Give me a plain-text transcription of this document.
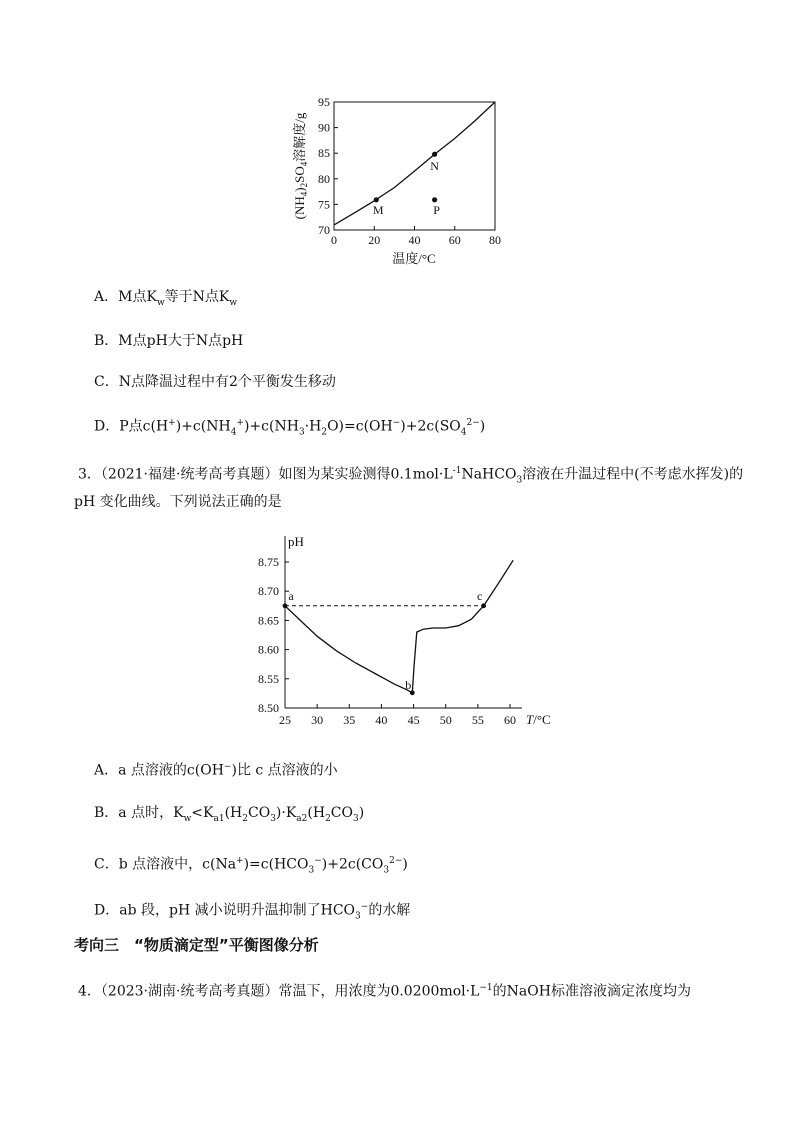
0	20 40 60 80
70
75
80
85
90
95
M
N
P
温度/°C
$(NH_4)_2SO_4$溶解度/g
A．M点$K_w$等于N点$K_w$
B．M点pH大于N点pH
C．N点降温过程中有2个平衡发生移动
D．P点$c(H^+)+c(NH_4^+)+c(NH_3\cdot H_2O)=c(OH^-)+2c(SO_4^{2-})$
3．（2021·福建·统考高考真题）如图为某实验测得$0.1mol\cdot L^{-1}NaHCO_3$溶液在升温过程中(不考虑水挥发)的
pH 变化曲线。下列说法正确的是
25 30 35 40 45 50 55 60
8.50
8.55
8.60
8.65
8.70
8.75
a
b
c
pH
T/°C
A．a 点溶液的c(OH−)比 c 点溶液的小
B．a 点时，$K_w<K_{a1}(H_2CO_3)\cdot K_{a2}(H_2CO_3)$
C．b 点溶液中，$c(Na^+)=c(HCO_3^-)+2c(CO_3^{2-})$
D．ab 段，pH 减小说明升温抑制了$HCO_3^-$的水解
考向三　“物质滴定型”平衡图像分析
4．（2023·湖南·统考高考真题）常温下，用浓度为$0.0200mol\cdot L^{-1}$的NaOH标准溶液滴定浓度均为
